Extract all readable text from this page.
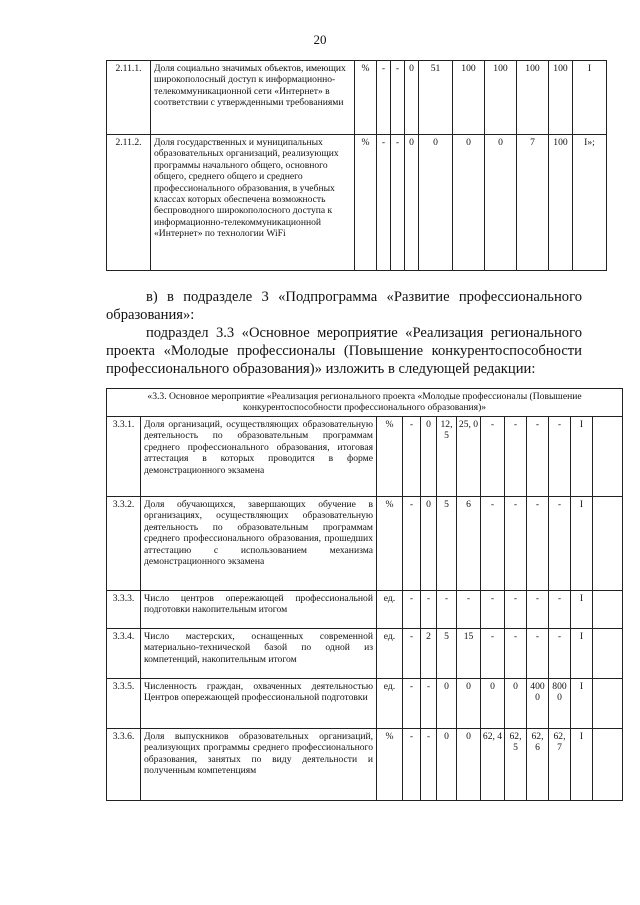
20
2.11.1.	Доля социально значимых объектов, имеющих широкополосный доступ к информационно-телекоммуникационной сети «Интернет» в соответствии с утвержденными требованиями	%	-	-	0	51	100	100	100	100	I
2.11.2.	Доля государственных и муниципальных образовательных организаций, реализующих программы начального общего, основного общего, среднего общего и среднего профессионального образования, в учебных классах которых обеспечена возможность беспроводного широкополосного доступа к информационно-телекоммуникационной «Интернет» по технологии WiFi	%	-	-	0	0	0	0	7	100	I»;
в) в подразделе 3 «Подпрограмма «Развитие профессионального образования»:
подраздел 3.3 «Основное мероприятие «Реализация регионального проекта «Молодые профессионалы (Повышение конкурентоспособности профессионального образования)» изложить в следующей редакции:
«3.3. Основное мероприятие «Реализация регионального проекта «Молодые профессионалы (Повышение конкурентоспособности профессионального образования)»												
3.3.1.	Доля организаций, осуществляющих образовательную деятельность по образовательным программам среднего профессионального образования, итоговая аттестация в которых проводится в форме демонстрационного экзамена	%	-	0	12, 5	25, 0	-	-	-	-	I	
3.3.2.	Доля обучающихся, завершающих обучение в организациях, осуществляющих образовательную деятельность по образовательным программам среднего профессионального образования, прошедших аттестацию с использованием механизма демонстрационного экзамена	%	-	0	5	6	-	-	-	-	I	
3.3.3.	Число центров опережающей профессиональной подготовки накопительным итогом	ед.	-	-	-	-	-	-	-	-	I	
3.3.4.	Число мастерских, оснащенных современной материально-технической базой по одной из компетенций, накопительным итогом	ед.	-	2	5	15	-	-	-	-	I	
3.3.5.	Численность граждан, охваченных деятельностью Центров опережающей профессиональной подготовки	ед.	-	-	0	0	0	0	400 0	800 0	I	
3.3.6.	Доля выпускников образовательных организаций, реализующих программы среднего профессионального образования, занятых по виду деятельности и полученным компетенциям	%	-	-	0	0	62, 4	62, 5	62, 6	62, 7	I	
